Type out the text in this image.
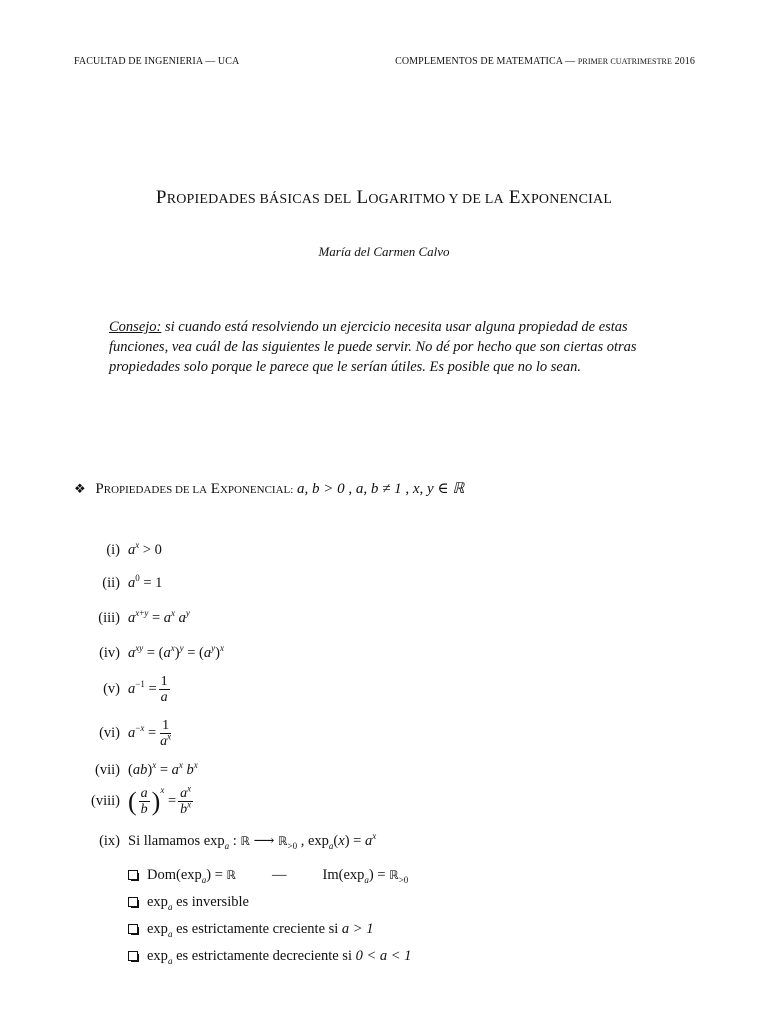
FACULTAD DE INGENIERIA — UCA	COMPLEMENTOS DE MATEMATICA — PRIMER CUATRIMESTRE 2016
PROPIEDADES BÁSICAS DEL LOGARITMO Y DE LA EXPONENCIAL
María del Carmen Calvo
Consejo: si cuando está resolviendo un ejercicio necesita usar alguna propiedad de estas funciones, vea cuál de las siguientes le puede servir. No dé por hecho que son ciertas otras propiedades solo porque le parece que le serían útiles. Es posible que no lo sean.
❖ PROPIEDADES DE LA EXPONENCIAL: a, b > 0 , a, b ≠ 1 , x, y ∈ ℝ
(i) $a^x > 0$
(ii) $a^0 = 1$
(iii) $a^{x+y} = a^x$ $a^y$
(iv) $a^{xy} = (a^x)^y = (a^y)^x$
(v) $a^{-1} = \frac{1}{a}$
(vi) $a^{-x} = \frac{1}{a^x}$
(vii) $(ab)^x = a^x$ $b^x$
(viii) ( $\frac{a}{b}$ ) x
= $\frac{a^x}{b^x}$
(ix) Si llamamos $\exp_a$ : ℝ ⟶ ℝ$_{>0}$ , $\exp_a(x) = a^x$
$Dom(\exp_a)$ = ℝ — $Im(\exp_a)$ = ℝ$_{>0}$
$\exp_a$ es inversible
$\exp_a$ es estrictamente creciente si a > 1
$\exp_a$ es estrictamente decreciente si 0 < a < 1
